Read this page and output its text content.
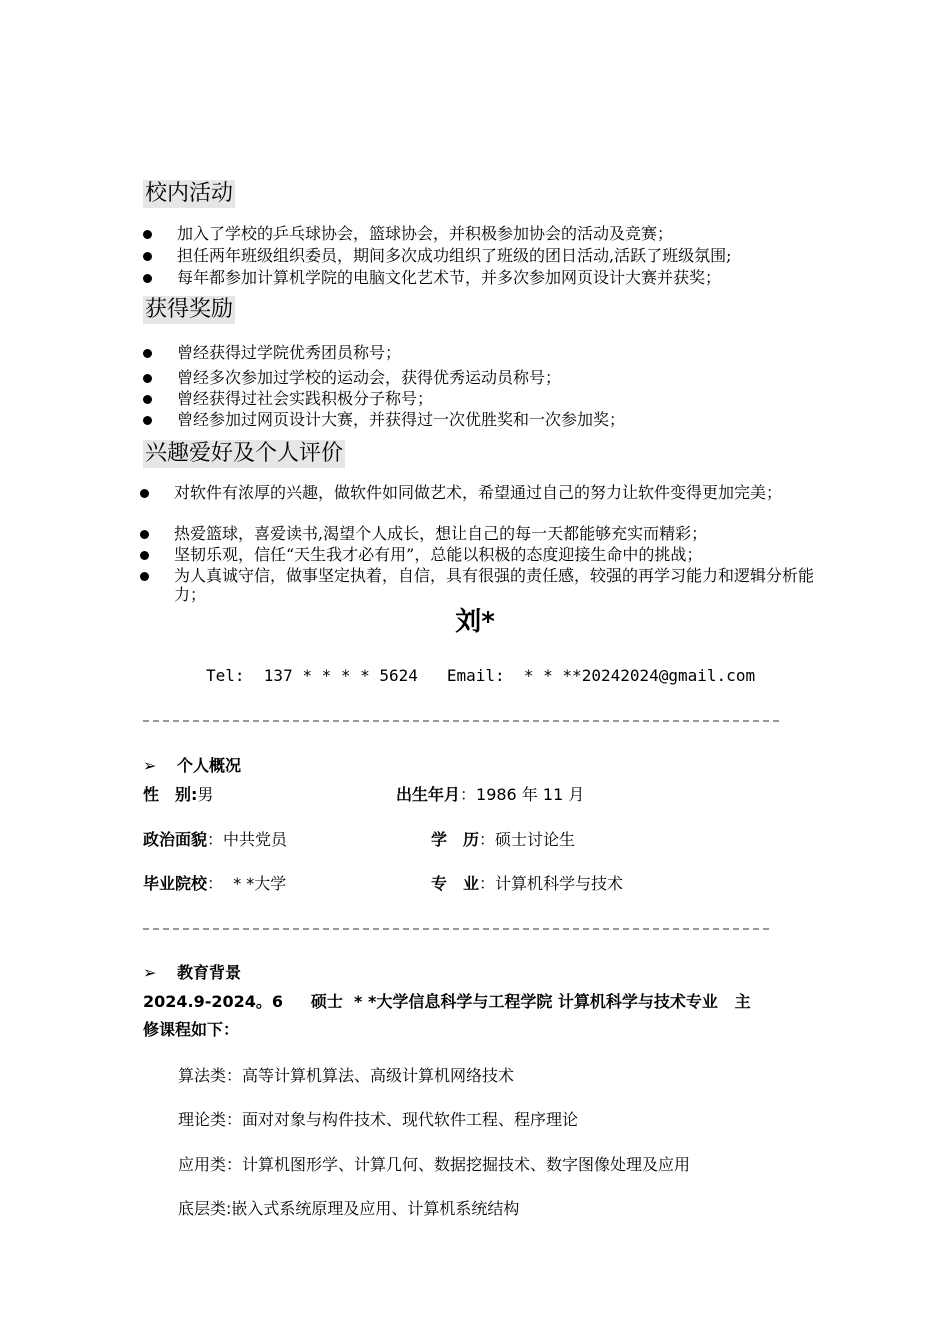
校内活动
加入了学校的乒乓球协会，篮球协会，并积极参加协会的活动及竞赛；
担任两年班级组织委员，期间多次成功组织了班级的团日活动,活跃了班级氛围;
每年都参加计算机学院的电脑文化艺术节，并多次参加网页设计大赛并获奖；
获得奖励
曾经获得过学院优秀团员称号；
曾经多次参加过学校的运动会，获得优秀运动员称号；
曾经获得过社会实践积极分子称号；
曾经参加过网页设计大赛，并获得过一次优胜奖和一次参加奖；
兴趣爱好及个人评价
对软件有浓厚的兴趣，做软件如同做艺术，希望通过自己的努力让软件变得更加完美；
热爱篮球，喜爱读书,渴望个人成长，想让自己的每一天都能够充实而精彩；
坚韧乐观，信任“天生我才必有用”，总能以积极的态度迎接生命中的挑战；
为人真诚守信，做事坚定执着，自信，具有很强的责任感，较强的再学习能力和逻辑分析能力；
刘*
Tel: 137 * * * * 5624 Email: * * **20242024@gmail.com
➢ 个人概况
性　别:男	出生年月：1986 年 11 月
政治面貌：中共党员	学　历：硕士讨论生
毕业院校：  * *大学	专　业：计算机科学与技术
➢ 教育背景
2024.9-2024。6     硕士  * *大学信息科学与工程学院 计算机科学与技术专业   主
修课程如下：
算法类：高等计算机算法、高级计算机网络技术
理论类：面对对象与构件技术、现代软件工程、程序理论
应用类：计算机图形学、计算几何、数据挖掘技术、数字图像处理及应用
底层类:嵌入式系统原理及应用、计算机系统结构
